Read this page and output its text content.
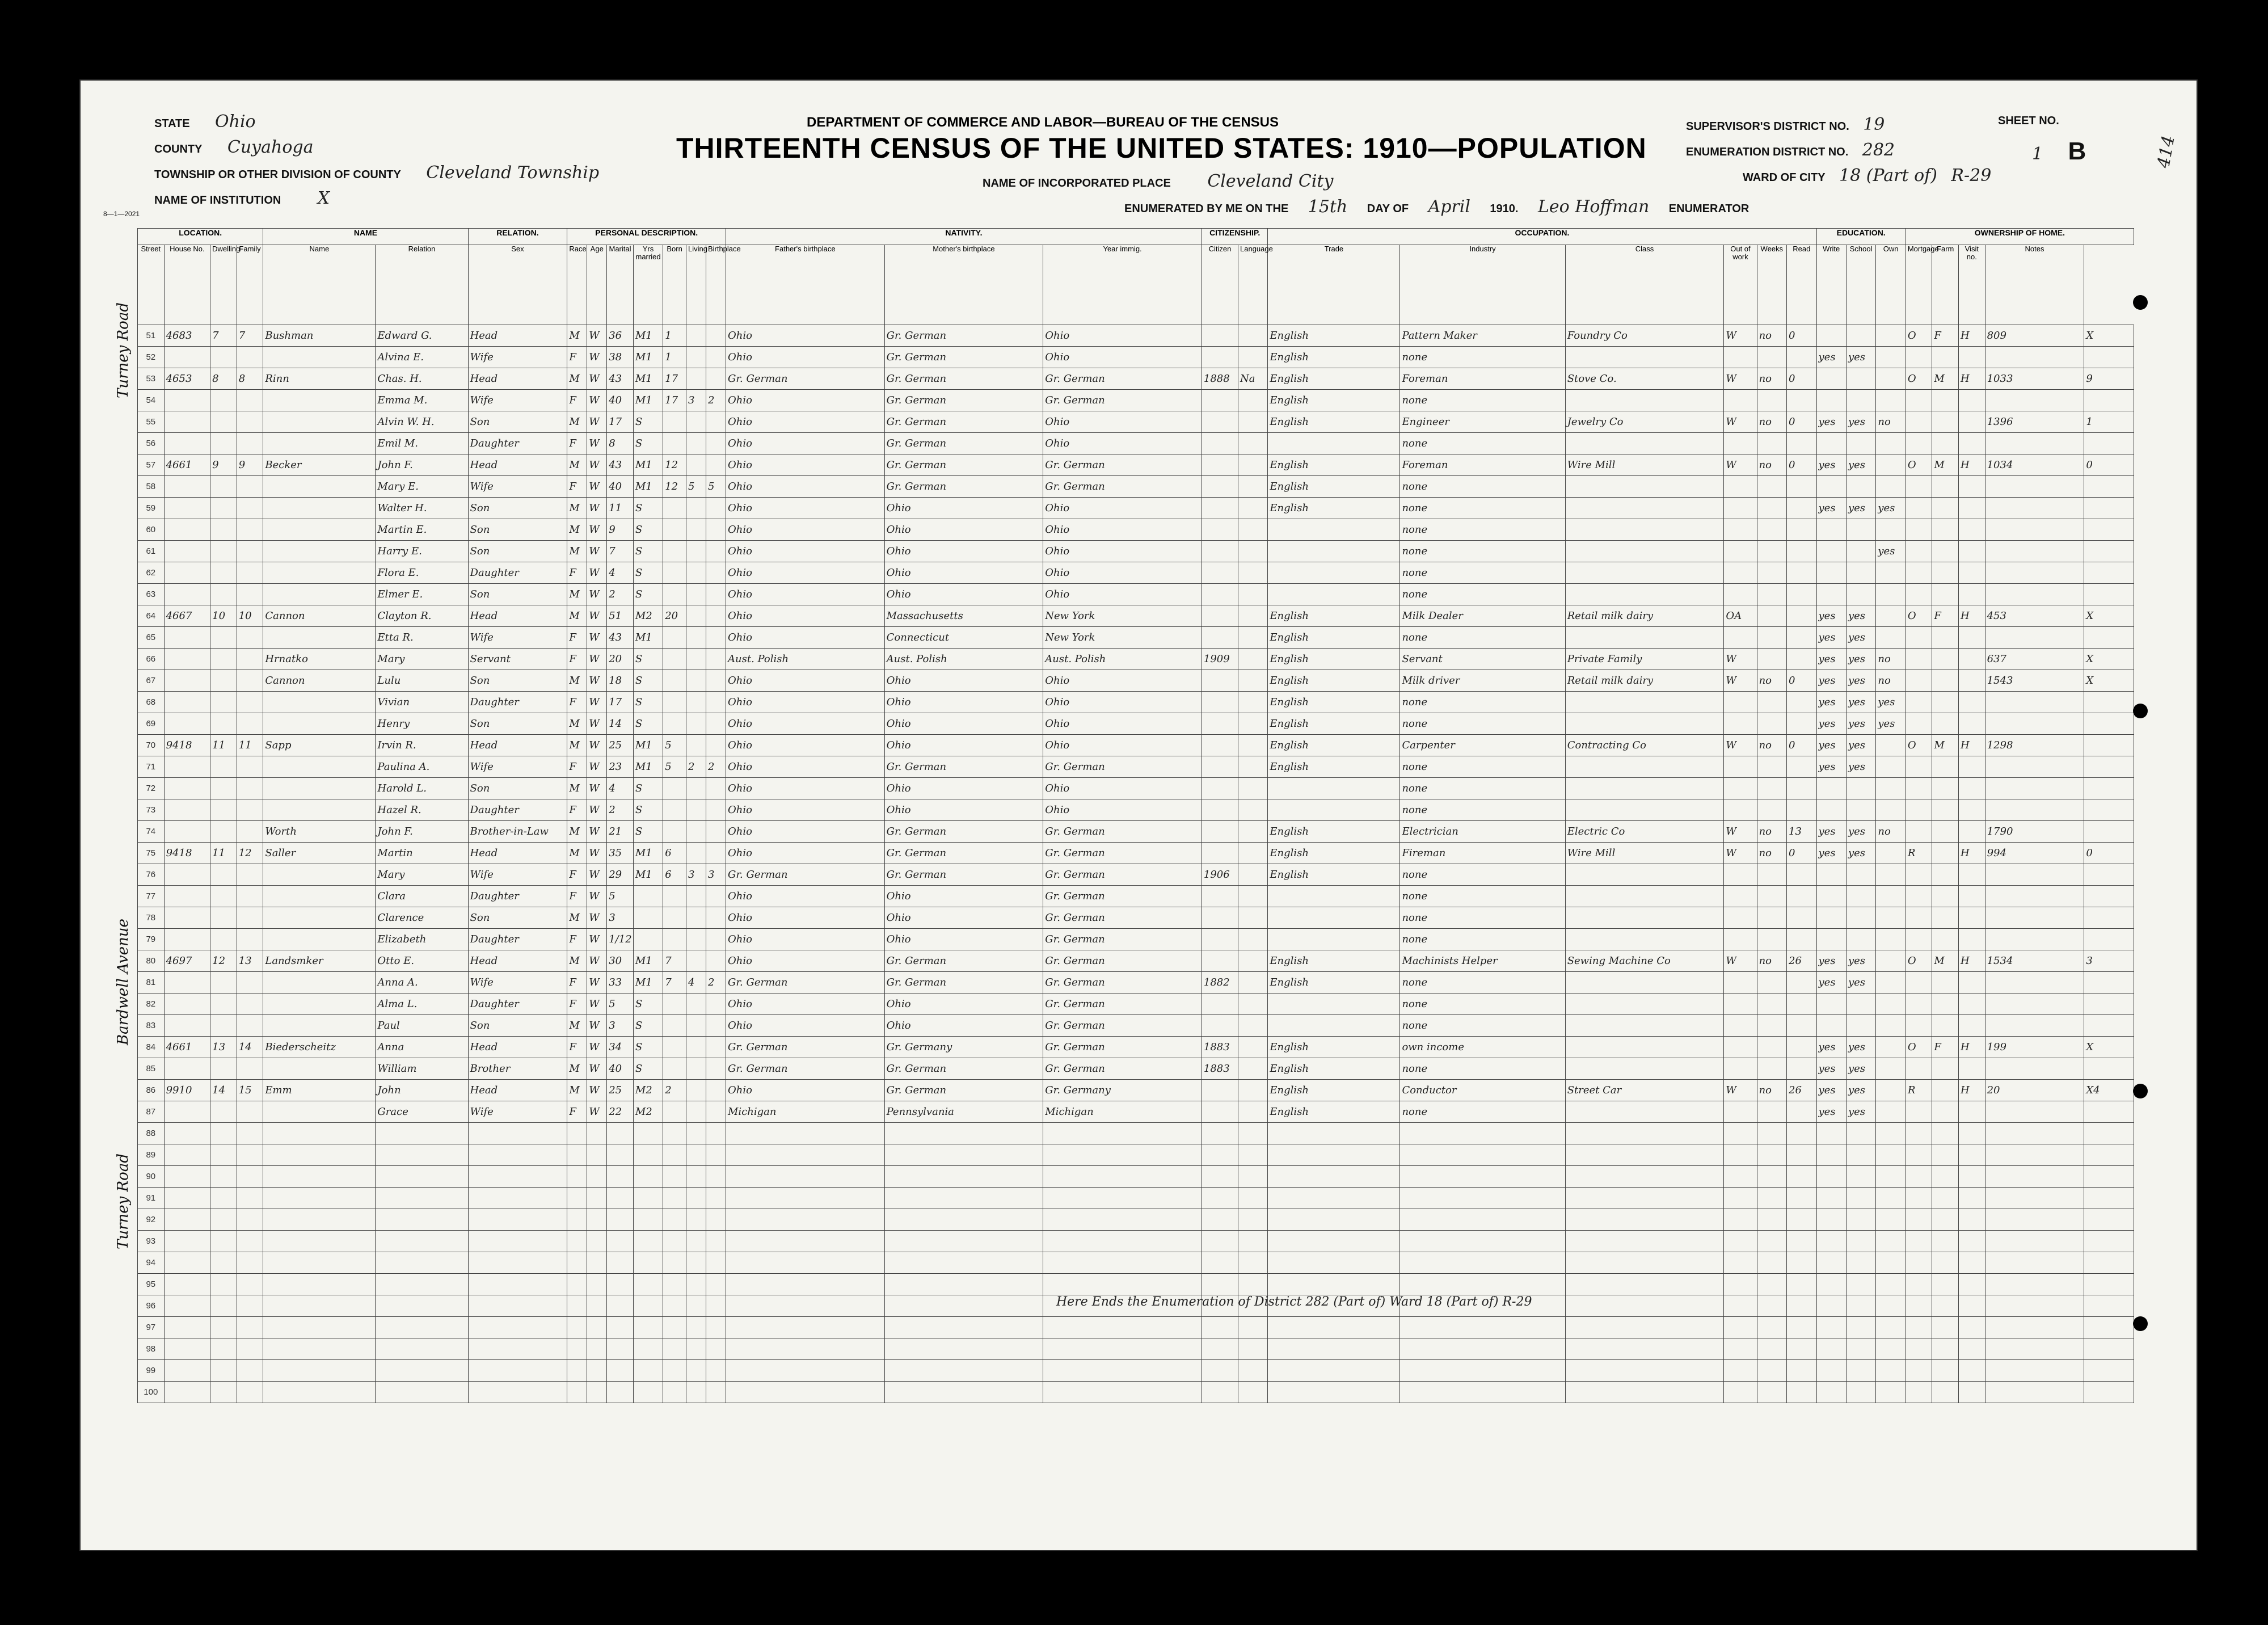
STATE Ohio
COUNTY Cuyahoga
TOWNSHIP OR OTHER DIVISION OF COUNTY Cleveland Township
NAME OF INSTITUTION X
8—1—2021
DEPARTMENT OF COMMERCE AND LABOR—BUREAU OF THE CENSUS
THIRTEENTH CENSUS OF THE UNITED STATES: 1910—POPULATION
NAME OF INCORPORATED PLACE Cleveland City
ENUMERATED BY ME ON THE 15th DAY OF April 1910. Leo Hoffman ENUMERATOR
SUPERVISOR'S DISTRICT NO. 19
ENUMERATION DISTRICT NO. 282
WARD OF CITY 18 (Part of) R-29
SHEET NO.
1 B
LOCATION.				NAME		RELATION.	PERSONAL DESCRIPTION.							NATIVITY.			CITIZENSHIP.		OCCUPATION.						EDUCATION.			OWNERSHIP OF HOME.				
Street	House No.	Dwelling	Family	Name	Relation	Sex	Race	Age	Marital	Yrs married	Born	Living	Birthplace	Father's birthplace	Mother's birthplace	Year immig.	Citizen	Language	Trade	Industry	Class	Out of work	Weeks	Read	Write	School	Own	Mortgage	Farm	Visit no.	Notes	
51	4683	7	7	Bushman	Edward G.	Head	M	W	36	M1	1			Ohio	Gr. German	Ohio			English	Pattern Maker	Foundry Co	W	no	0				O	F	H	809	X
52					Alvina E.	Wife	F	W	38	M1	1			Ohio	Gr. German	Ohio			English	none					yes	yes						
53	4653	8	8	Rinn	Chas. H.	Head	M	W	43	M1	17			Gr. German	Gr. German	Gr. German	1888	Na	English	Foreman	Stove Co.	W	no	0				O	M	H	1033	9
54					Emma M.	Wife	F	W	40	M1	17	3	2	Ohio	Gr. German	Gr. German			English	none												
55					Alvin W. H.	Son	M	W	17	S				Ohio	Gr. German	Ohio			English	Engineer	Jewelry Co	W	no	0	yes	yes	no				1396	1
56					Emil M.	Daughter	F	W	8	S				Ohio	Gr. German	Ohio				none												
57	4661	9	9	Becker	John F.	Head	M	W	43	M1	12			Ohio	Gr. German	Gr. German			English	Foreman	Wire Mill	W	no	0	yes	yes		O	M	H	1034	0
58					Mary E.	Wife	F	W	40	M1	12	5	5	Ohio	Gr. German	Gr. German			English	none												
59					Walter H.	Son	M	W	11	S				Ohio	Ohio	Ohio			English	none					yes	yes	yes					
60					Martin E.	Son	M	W	9	S				Ohio	Ohio	Ohio				none												
61					Harry E.	Son	M	W	7	S				Ohio	Ohio	Ohio				none							yes					
62					Flora E.	Daughter	F	W	4	S				Ohio	Ohio	Ohio				none												
63					Elmer E.	Son	M	W	2	S				Ohio	Ohio	Ohio				none												
64	4667	10	10	Cannon	Clayton R.	Head	M	W	51	M2	20			Ohio	Massachusetts	New York			English	Milk Dealer	Retail milk dairy	OA			yes	yes		O	F	H	453	X
65					Etta R.	Wife	F	W	43	M1				Ohio	Connecticut	New York			English	none					yes	yes						
66				Hrnatko	Mary	Servant	F	W	20	S				Aust. Polish	Aust. Polish	Aust. Polish	1909		English	Servant	Private Family	W			yes	yes	no				637	X
67				Cannon	Lulu	Son	M	W	18	S				Ohio	Ohio	Ohio			English	Milk driver	Retail milk dairy	W	no	0	yes	yes	no				1543	X
68					Vivian	Daughter	F	W	17	S				Ohio	Ohio	Ohio			English	none					yes	yes	yes					
69					Henry	Son	M	W	14	S				Ohio	Ohio	Ohio			English	none					yes	yes	yes					
70	9418	11	11	Sapp	Irvin R.	Head	M	W	25	M1	5			Ohio	Ohio	Ohio			English	Carpenter	Contracting Co	W	no	0	yes	yes		O	M	H	1298	
71					Paulina A.	Wife	F	W	23	M1	5	2	2	Ohio	Gr. German	Gr. German			English	none					yes	yes						
72					Harold L.	Son	M	W	4	S				Ohio	Ohio	Ohio				none												
73					Hazel R.	Daughter	F	W	2	S				Ohio	Ohio	Ohio				none												
74				Worth	John F.	Brother-in-Law	M	W	21	S				Ohio	Gr. German	Gr. German			English	Electrician	Electric Co	W	no	13	yes	yes	no				1790	
75	9418	11	12	Saller	Martin	Head	M	W	35	M1	6			Ohio	Gr. German	Gr. German			English	Fireman	Wire Mill	W	no	0	yes	yes		R		H	994	0
76					Mary	Wife	F	W	29	M1	6	3	3	Gr. German	Gr. German	Gr. German	1906		English	none												
77					Clara	Daughter	F	W	5					Ohio	Ohio	Gr. German				none												
78					Clarence	Son	M	W	3					Ohio	Ohio	Gr. German				none												
79					Elizabeth	Daughter	F	W	1/12					Ohio	Ohio	Gr. German				none												
80	4697	12	13	Landsmker	Otto E.	Head	M	W	30	M1	7			Ohio	Gr. German	Gr. German			English	Machinists Helper	Sewing Machine Co	W	no	26	yes	yes		O	M	H	1534	3
81					Anna A.	Wife	F	W	33	M1	7	4	2	Gr. German	Gr. German	Gr. German	1882		English	none					yes	yes						
82					Alma L.	Daughter	F	W	5	S				Ohio	Ohio	Gr. German				none												
83					Paul	Son	M	W	3	S				Ohio	Ohio	Gr. German				none												
84	4661	13	14	Biederscheitz	Anna	Head	F	W	34	S				Gr. German	Gr. Germany	Gr. German	1883		English	own income					yes	yes		O	F	H	199	X
85					William	Brother	M	W	40	S				Gr. German	Gr. German	Gr. German	1883		English	none					yes	yes						
86	9910	14	15	Emm	John	Head	M	W	25	M2	2			Ohio	Gr. German	Gr. Germany			English	Conductor	Street Car	W	no	26	yes	yes		R		H	20	X4
87					Grace	Wife	F	W	22	M2				Michigan	Pennsylvania	Michigan			English	none					yes	yes						
88																																
89																																
90																																
91																																
92																																
93																																
94																																
95																																
96																																
97																																
98																																
99																																
100																																
Here Ends the Enumeration of District 282 (Part of) Ward 18 (Part of) R-29
Turney Road
Bardwell Avenue
Turney Road
414
